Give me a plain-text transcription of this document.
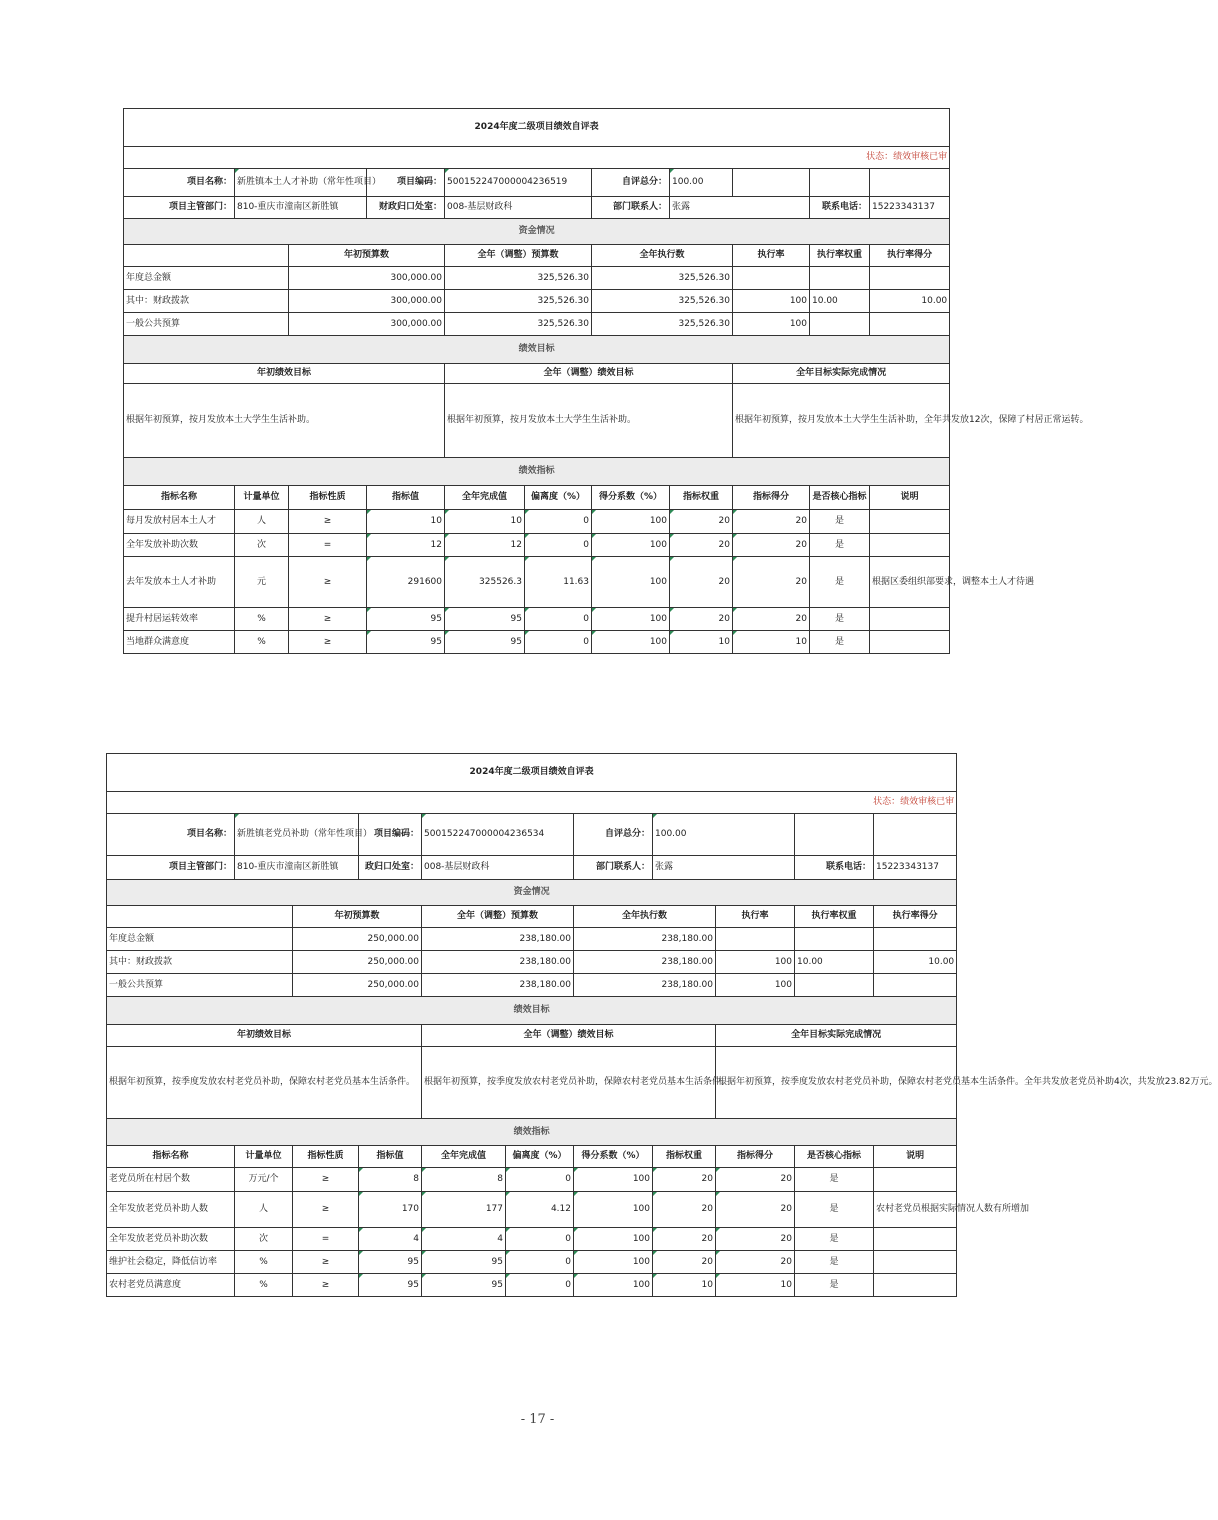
2024年度二级项目绩效自评表										
状态：绩效审核已审										
项目名称：	新胜镇本土人才补助（常年性项目）		项目编码：	500152247000004236519		自评总分：	100.00			
项目主管部门：	810-重庆市潼南区新胜镇		财政归口处室：	008-基层财政科		部门联系人：	张露		联系电话：	15223343137
资金情况										
		年初预算数		全年（调整）预算数		全年执行数		执行率	执行率权重	执行率得分
年度总金额		300,000.00		325,526.30		325,526.30				
其中：财政拨款		300,000.00		325,526.30		325,526.30		100	10.00	10.00
一般公共预算		300,000.00		325,526.30		325,526.30		100		
绩效目标										
年初绩效目标				全年（调整）绩效目标				全年目标实际完成情况		
根据年初预算，按月发放本土大学生生活补助。				根据年初预算，按月发放本土大学生生活补助。				根据年初预算，按月发放本土大学生生活补助，全年共发放12次，保障了村居正常运转。		
绩效指标										
指标名称	计量单位	指标性质	指标值	全年完成值	偏离度（%）	得分系数（%）	指标权重	指标得分	是否核心指标	说明
每月发放村居本土人才	人	≥	10	10	0	100	20	20	是	
全年发放补助次数	次	=	12	12	0	100	20	20	是	
去年发放本土人才补助	元	≥	291600	325526.3	11.63	100	20	20	是	根据区委组织部要求，调整本土人才待遇
提升村居运转效率	%	≥	95	95	0	100	20	20	是	
当地群众满意度	%	≥	95	95	0	100	10	10	是	
2024年度二级项目绩效自评表										
状态：绩效审核已审										
项目名称：	新胜镇老党员补助（常年性项目）		项目编码：	500152247000004236534		自评总分：	100.00			
项目主管部门：	810-重庆市潼南区新胜镇		政归口处室：	008-基层财政科		部门联系人：	张露		联系电话：	15223343137
资金情况										
		年初预算数		全年（调整）预算数		全年执行数		执行率	执行率权重	执行率得分
年度总金额		250,000.00		238,180.00		238,180.00				
其中：财政拨款		250,000.00		238,180.00		238,180.00		100	10.00	10.00
一般公共预算		250,000.00		238,180.00		238,180.00		100		
绩效目标										
年初绩效目标				全年（调整）绩效目标				全年目标实际完成情况		
根据年初预算，按季度发放农村老党员补助，保障农村老党员基本生活条件。				根据年初预算，按季度发放农村老党员补助，保障农村老党员基本生活条件。				根据年初预算，按季度发放农村老党员补助，保障农村老党员基本生活条件。全年共发放老党员补助4次，共发放23.82万元。		
绩效指标										
指标名称	计量单位	指标性质	指标值	全年完成值	偏离度（%）	得分系数（%）	指标权重	指标得分	是否核心指标	说明
老党员所在村居个数	万元/个	≥	8	8	0	100	20	20	是	
全年发放老党员补助人数	人	≥	170	177	4.12	100	20	20	是	农村老党员根据实际情况人数有所增加
全年发放老党员补助次数	次	=	4	4	0	100	20	20	是	
维护社会稳定，降低信访率	%	≥	95	95	0	100	20	20	是	
农村老党员满意度	%	≥	95	95	0	100	10	10	是	
- 17 -
